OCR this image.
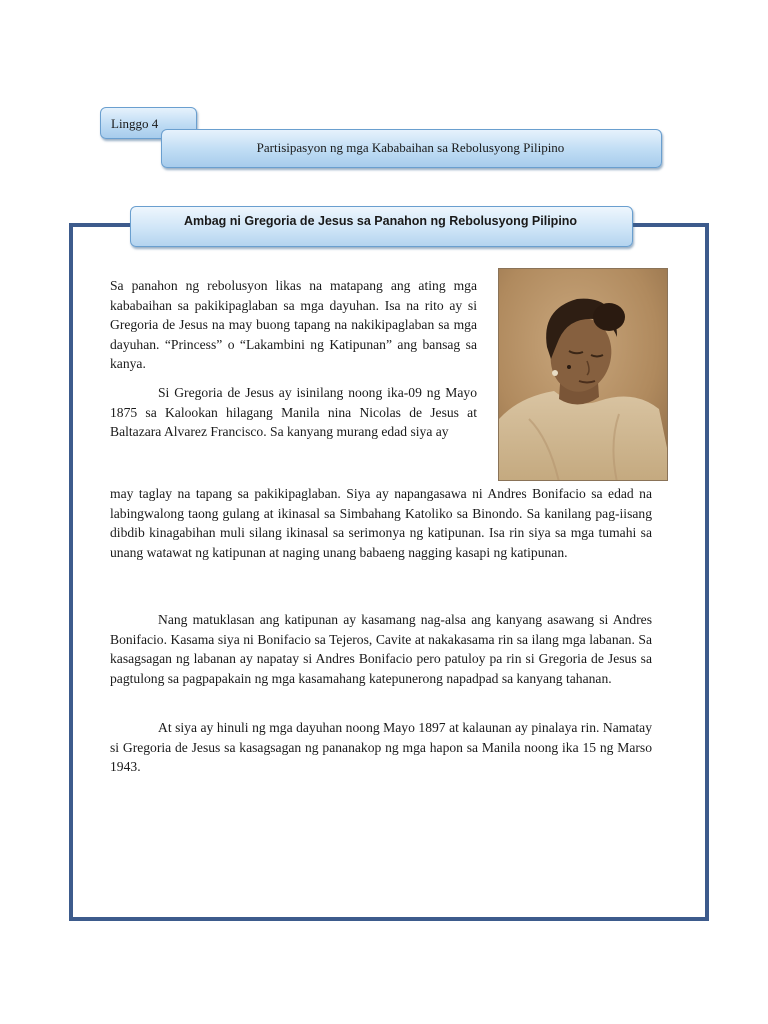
Linggo 4
Partisipasyon ng mga Kababaihan sa Rebolusyong Pilipino
Ambag ni Gregoria de Jesus sa Panahon ng Rebolusyong Pilipino

Sa panahon ng rebolusyon likas na matapang ang ating mga kababaihan sa pakikipaglaban sa mga dayuhan. Isa na rito ay si Gregoria de Jesus na may buong tapang na nakikipaglaban sa mga dayuhan. “Princess” o “Lakambini ng Katipunan” ang bansag sa kanya.

Si Gregoria de Jesus ay isinilang noong ika-09 ng Mayo 1875 sa Kalookan hilagang Manila nina Nicolas de Jesus at Baltazara Alvarez Francisco. Sa kanyang murang edad siya ay

may taglay na tapang sa pakikipaglaban. Siya ay napangasawa ni Andres Bonifacio sa edad na labingwalong taong gulang at ikinasal sa Simbahang Katoliko sa Binondo. Sa kanilang pag-iisang dibdib kinagabihan muli silang ikinasal sa serimonya ng katipunan. Isa rin siya sa mga tumahi sa unang watawat ng katipunan at naging unang babaeng nagging kasapi ng katipunan.

Nang matuklasan ang katipunan ay kasamang nag-alsa ang kanyang asawang si Andres Bonifacio. Kasama siya ni Bonifacio sa Tejeros, Cavite at nakakasama rin sa ilang mga labanan. Sa kasagsagan ng labanan ay napatay si Andres Bonifacio pero patuloy pa rin si Gregoria de Jesus sa pagtulong sa pagpapakain ng mga kasamahang katepunerong napadpad sa kanyang tahanan.

At siya ay hinuli ng mga dayuhan noong Mayo 1897 at kalaunan ay pinalaya rin. Namatay si Gregoria de Jesus sa kasagsagan ng pananakop ng mga hapon sa Manila noong ika 15 ng Marso 1943.
